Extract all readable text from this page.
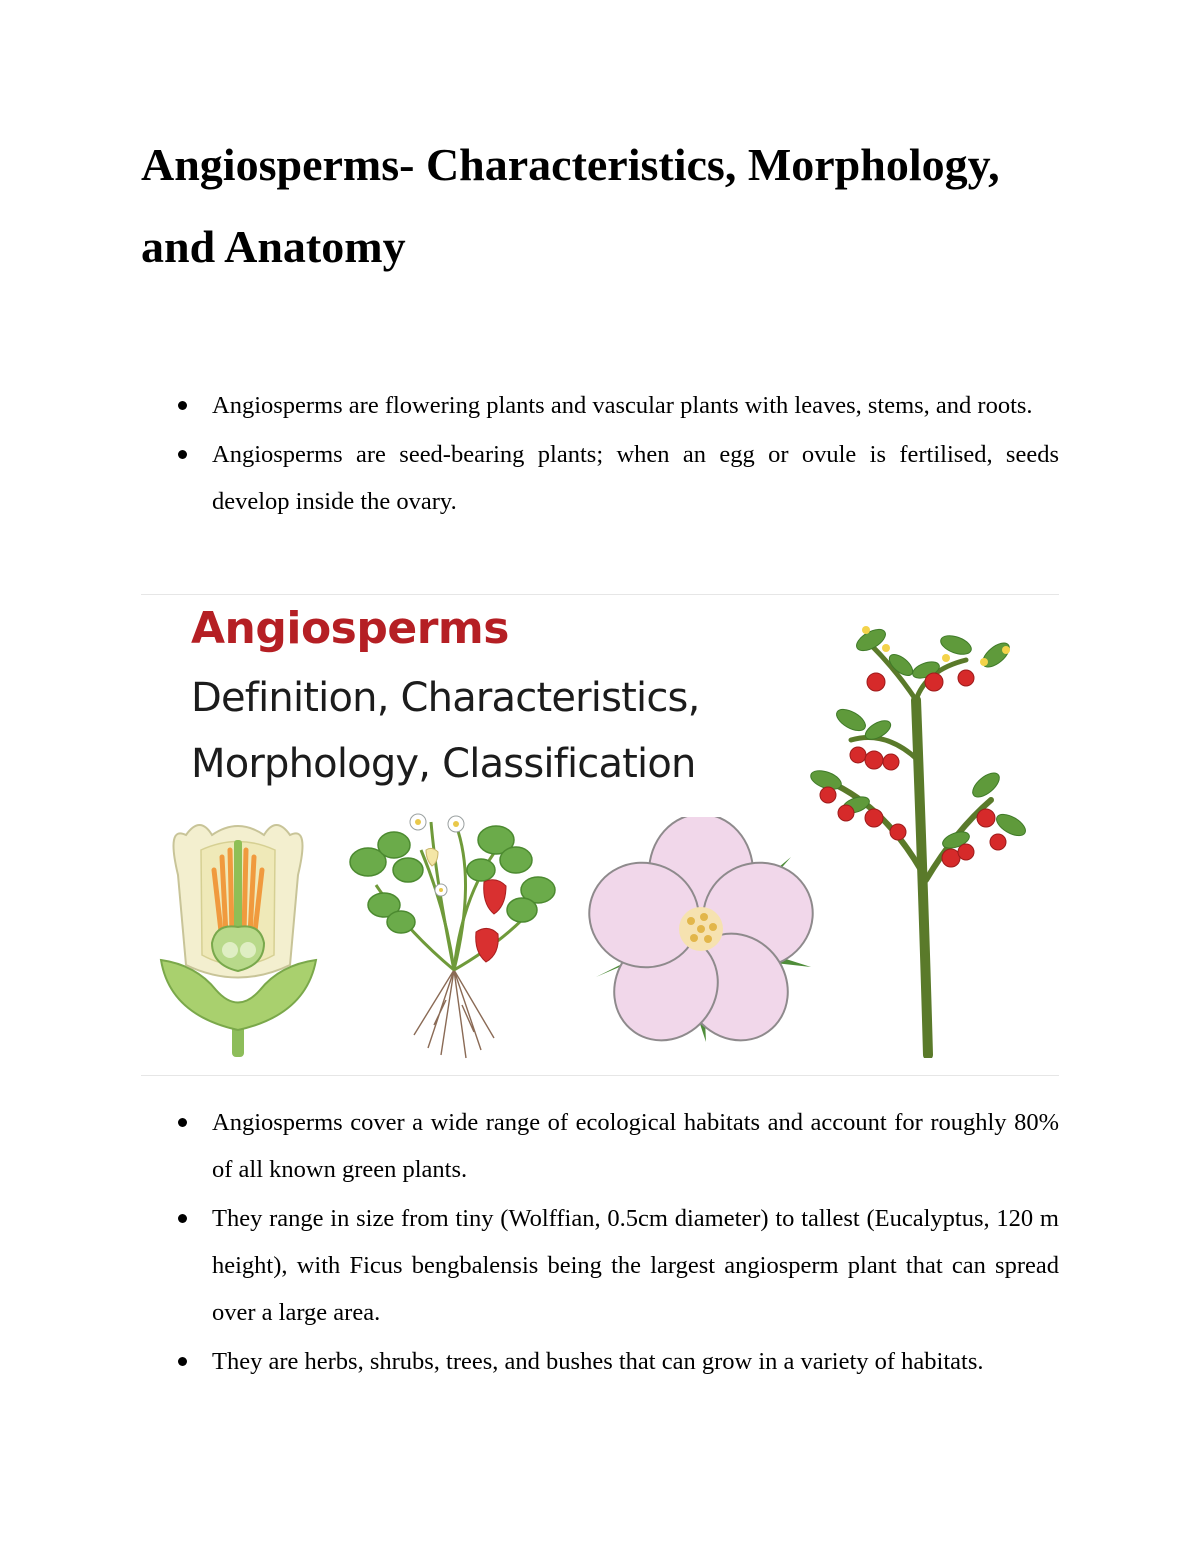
Angiosperms- Characteristics, Morphology,
and Anatomy
Angiosperms are flowering plants and vascular plants with leaves, stems, and roots.
Angiosperms are seed-bearing plants; when an egg or ovule is fertilised, seeds develop inside the ovary.

Angiosperms

Definition, Characteristics,

Morphology, Classification

Angiosperms cover a wide range of ecological habitats and account for roughly 80% of all known green plants.
They range in size from tiny (Wolffian, 0.5cm diameter) to tallest (Eucalyptus, 120 m height), with Ficus bengbalensis being the largest angiosperm plant that can spread over a large area.
They are herbs, shrubs, trees, and bushes that can grow in a variety of habitats.
